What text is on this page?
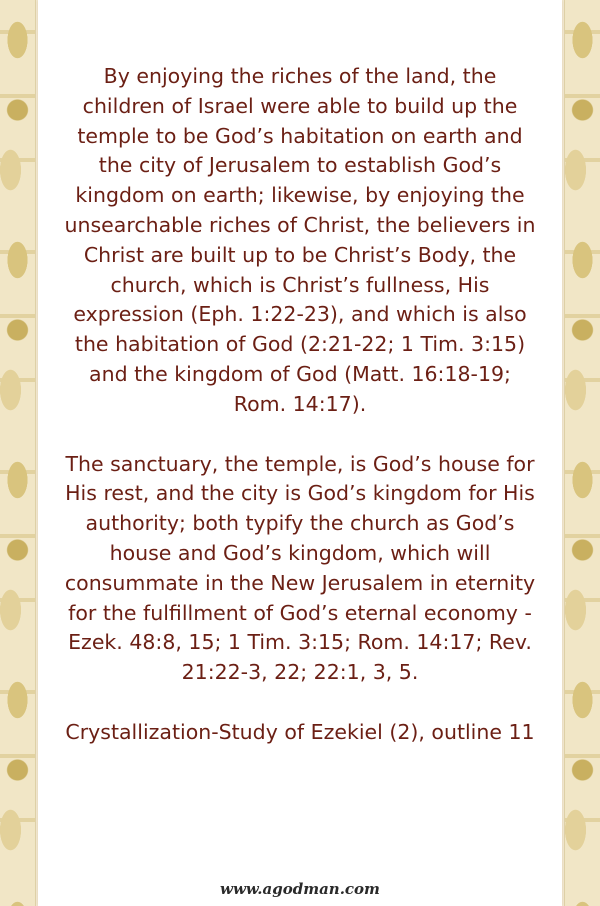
By enjoying the riches of the land, the children of Israel were able to build up the temple to be God’s habitation on earth and the city of Jerusalem to establish God’s kingdom on earth; likewise, by enjoying the unsearchable riches of Christ, the believers in Christ are built up to be Christ’s Body, the church, which is Christ’s fullness, His expression (Eph. 1:22-23), and which is also the habitation of God (2:21-22; 1 Tim. 3:15) and the kingdom of God (Matt. 16:18-19; Rom. 14:17).

The sanctuary, the temple, is God’s house for His rest, and the city is God’s kingdom for His authority; both typify the church as God’s house and God’s kingdom, which will consummate in the New Jerusalem in eternity for the fulfillment of God’s eternal economy - Ezek. 48:8, 15; 1 Tim. 3:15; Rom. 14:17; Rev. 21:22-3, 22; 22:1, 3, 5.

Crystallization-Study of Ezekiel (2), outline 11

www.agodman.com
